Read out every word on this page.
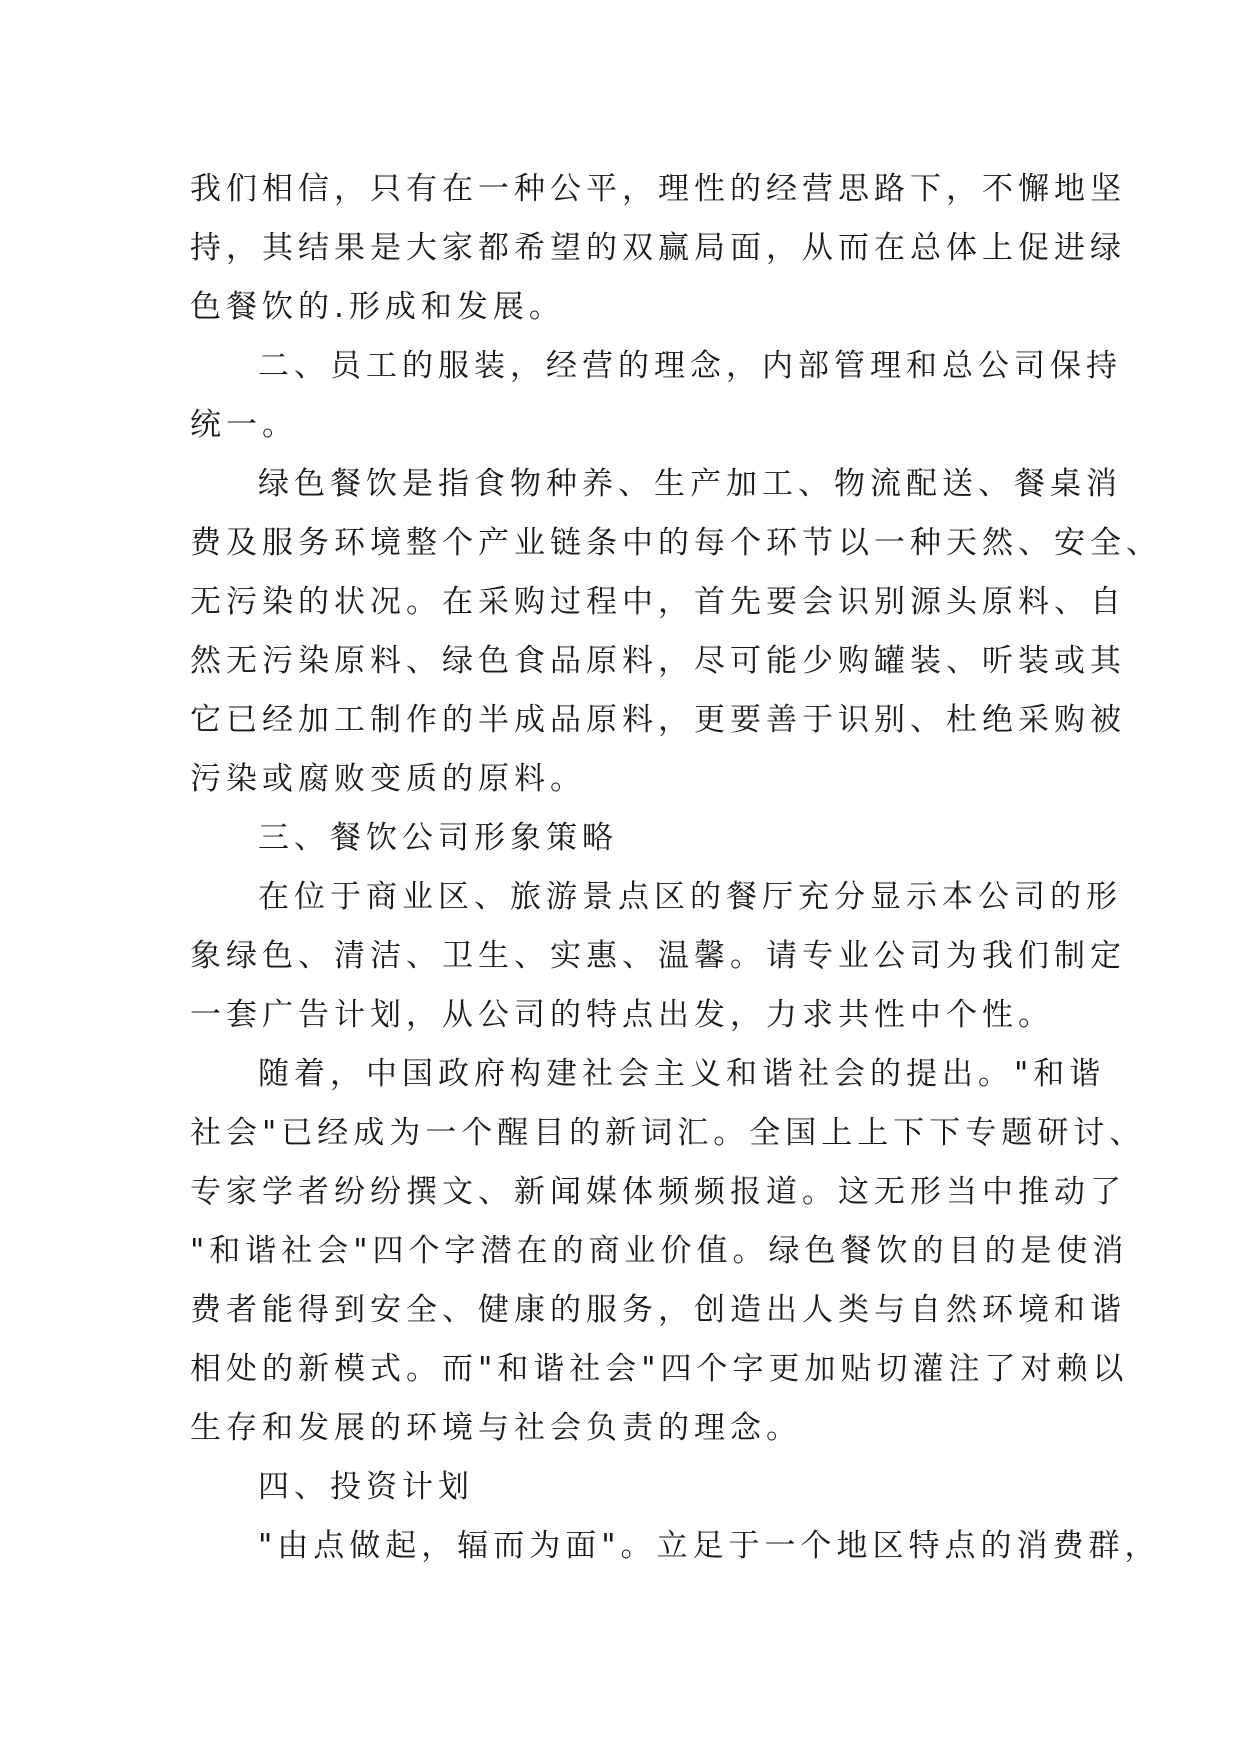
我们相信，只有在一种公平，理性的经营思路下，不懈地坚
持，其结果是大家都希望的双赢局面，从而在总体上促进绿
色餐饮的.形成和发展。
二、员工的服装，经营的理念，内部管理和总公司保持
统一。
绿色餐饮是指食物种养、生产加工、物流配送、餐桌消
费及服务环境整个产业链条中的每个环节以一种天然、安全、
无污染的状况。在采购过程中，首先要会识别源头原料、自
然无污染原料、绿色食品原料，尽可能少购罐装、听装或其
它已经加工制作的半成品原料，更要善于识别、杜绝采购被
污染或腐败变质的原料。
三、餐饮公司形象策略
在位于商业区、旅游景点区的餐厅充分显示本公司的形
象绿色、清洁、卫生、实惠、温馨。请专业公司为我们制定
一套广告计划，从公司的特点出发，力求共性中个性。
随着，中国政府构建社会主义和谐社会的提出。"和谐
社会"已经成为一个醒目的新词汇。全国上上下下专题研讨、
专家学者纷纷撰文、新闻媒体频频报道。这无形当中推动了
"和谐社会"四个字潜在的商业价值。绿色餐饮的目的是使消
费者能得到安全、健康的服务，创造出人类与自然环境和谐
相处的新模式。而"和谐社会"四个字更加贴切灌注了对赖以
生存和发展的环境与社会负责的理念。
四、投资计划
"由点做起，辐而为面"。立足于一个地区特点的消费群，
